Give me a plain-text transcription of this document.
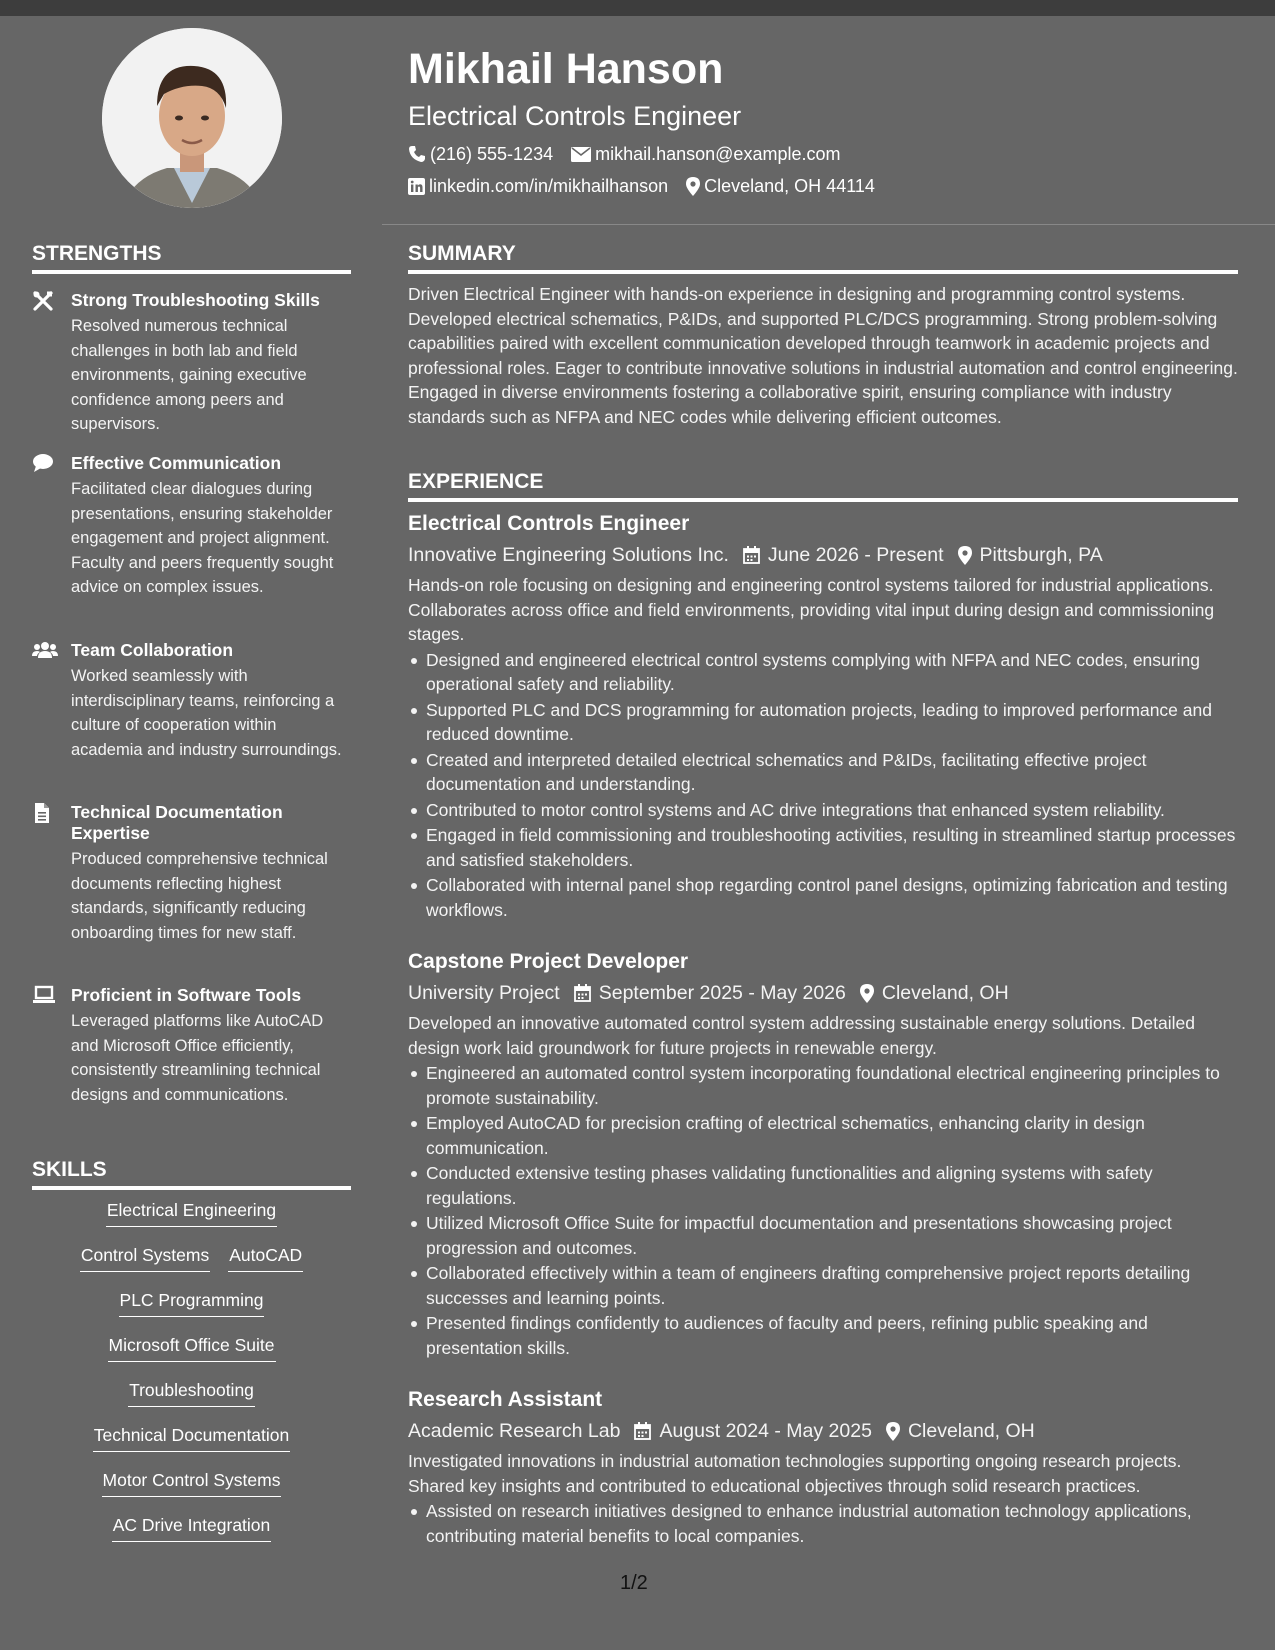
STRENGTHS
Strong Troubleshooting Skills
Resolved numerous technical challenges in both lab and field environments, gaining executive confidence among peers and supervisors.
Effective Communication
Facilitated clear dialogues during presentations, ensuring stakeholder engagement and project alignment. Faculty and peers frequently sought advice on complex issues.
Team Collaboration
Worked seamlessly with interdisciplinary teams, reinforcing a culture of cooperation within academia and industry surroundings.
Technical Documentation Expertise
Produced comprehensive technical documents reflecting highest standards, significantly reducing onboarding times for new staff.
Proficient in Software Tools
Leveraged platforms like AutoCAD and Microsoft Office efficiently, consistently streamlining technical designs and communications.
SKILLS
Electrical Engineering
Control Systems AutoCAD
PLC Programming
Microsoft Office Suite
Troubleshooting
Technical Documentation
Motor Control Systems
AC Drive Integration
Mikhail Hanson
Electrical Controls Engineer
(216) 555-1234 mikhail.hanson@example.com
linkedin.com/in/mikhailhanson Cleveland, OH 44114
SUMMARY
Driven Electrical Engineer with hands-on experience in designing and programming control systems. Developed electrical schematics, P&IDs, and supported PLC/DCS programming. Strong problem-solving capabilities paired with excellent communication developed through teamwork in academic projects and professional roles. Eager to contribute innovative solutions in industrial automation and control engineering. Engaged in diverse environments fostering a collaborative spirit, ensuring compliance with industry standards such as NFPA and NEC codes while delivering efficient outcomes.
EXPERIENCE
Electrical Controls Engineer
Innovative Engineering Solutions Inc. June 2026 - Present Pittsburgh, PA
Hands-on role focusing on designing and engineering control systems tailored for industrial applications. Collaborates across office and field environments, providing vital input during design and commissioning stages.
Designed and engineered electrical control systems complying with NFPA and NEC codes, ensuring operational safety and reliability.
Supported PLC and DCS programming for automation projects, leading to improved performance and reduced downtime.
Created and interpreted detailed electrical schematics and P&IDs, facilitating effective project documentation and understanding.
Contributed to motor control systems and AC drive integrations that enhanced system reliability.
Engaged in field commissioning and troubleshooting activities, resulting in streamlined startup processes and satisfied stakeholders.
Collaborated with internal panel shop regarding control panel designs, optimizing fabrication and testing workflows.
Capstone Project Developer
University Project September 2025 - May 2026 Cleveland, OH
Developed an innovative automated control system addressing sustainable energy solutions. Detailed design work laid groundwork for future projects in renewable energy.
Engineered an automated control system incorporating foundational electrical engineering principles to promote sustainability.
Employed AutoCAD for precision crafting of electrical schematics, enhancing clarity in design communication.
Conducted extensive testing phases validating functionalities and aligning systems with safety regulations.
Utilized Microsoft Office Suite for impactful documentation and presentations showcasing project progression and outcomes.
Collaborated effectively within a team of engineers drafting comprehensive project reports detailing successes and learning points.
Presented findings confidently to audiences of faculty and peers, refining public speaking and presentation skills.
Research Assistant
Academic Research Lab August 2024 - May 2025 Cleveland, OH
Investigated innovations in industrial automation technologies supporting ongoing research projects. Shared key insights and contributed to educational objectives through solid research practices.
Assisted on research initiatives designed to enhance industrial automation technology applications, contributing material benefits to local companies.
1/2
